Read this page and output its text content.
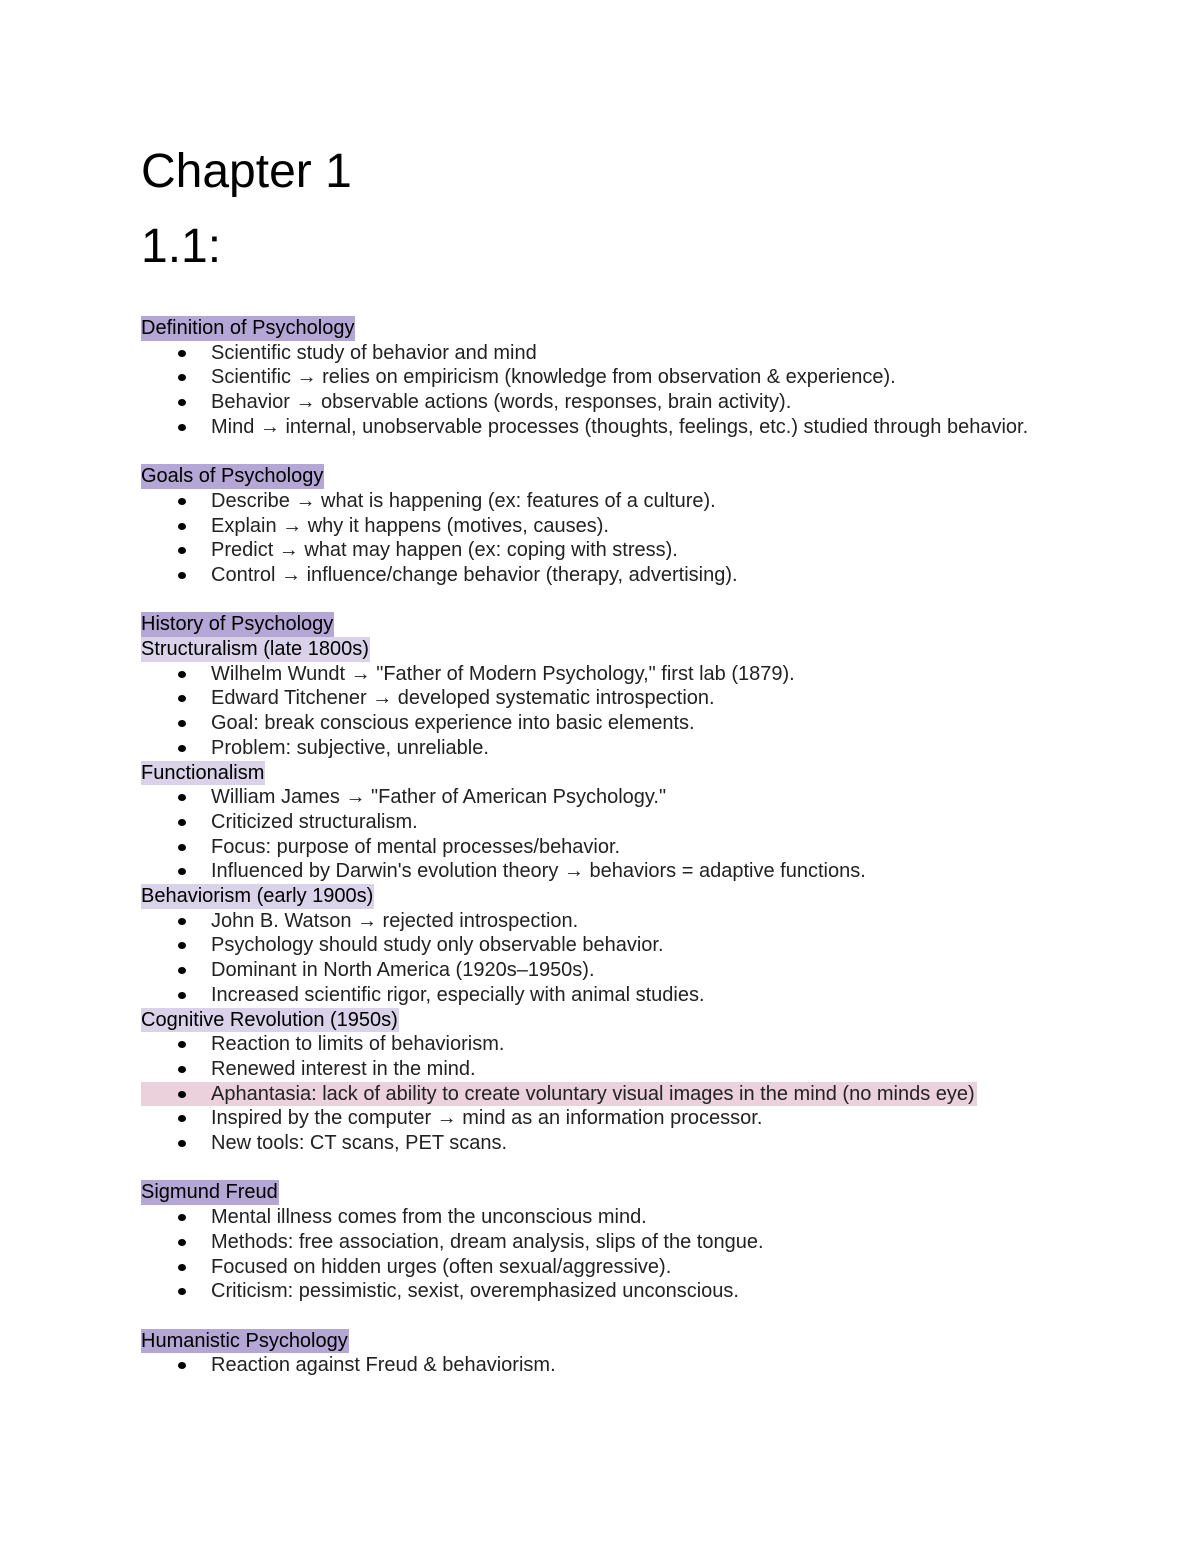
Chapter 1
1.1:
Definition of Psychology
Scientific study of behavior and mind
Scientific → relies on empiricism (knowledge from observation & experience).
Behavior → observable actions (words, responses, brain activity).
Mind → internal, unobservable processes (thoughts, feelings, etc.) studied through behavior.
Goals of Psychology
Describe → what is happening (ex: features of a culture).
Explain → why it happens (motives, causes).
Predict → what may happen (ex: coping with stress).
Control → influence/change behavior (therapy, advertising).
History of Psychology
Structuralism (late 1800s)
Wilhelm Wundt → "Father of Modern Psychology," first lab (1879).
Edward Titchener → developed systematic introspection.
Goal: break conscious experience into basic elements.
Problem: subjective, unreliable.
Functionalism
William James → "Father of American Psychology."
Criticized structuralism.
Focus: purpose of mental processes/behavior.
Influenced by Darwin's evolution theory → behaviors = adaptive functions.
Behaviorism (early 1900s)
John B. Watson → rejected introspection.
Psychology should study only observable behavior.
Dominant in North America (1920s–1950s).
Increased scientific rigor, especially with animal studies.
Cognitive Revolution (1950s)
Reaction to limits of behaviorism.
Renewed interest in the mind.
Aphantasia: lack of ability to create voluntary visual images in the mind (no minds eye)
Inspired by the computer → mind as an information processor.
New tools: CT scans, PET scans.
Sigmund Freud
Mental illness comes from the unconscious mind.
Methods: free association, dream analysis, slips of the tongue.
Focused on hidden urges (often sexual/aggressive).
Criticism: pessimistic, sexist, overemphasized unconscious.
Humanistic Psychology
Reaction against Freud & behaviorism.
